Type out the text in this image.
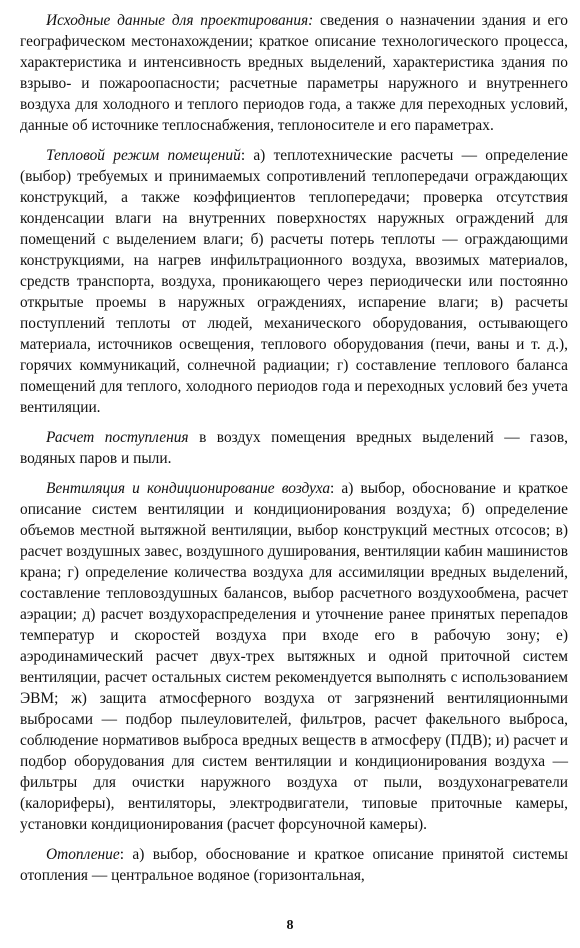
Исходные данные для проектирования: сведения о назначении здания и его географическом местонахождении; краткое описание технологического процесса, характеристика и интенсивность вредных выделений, характеристика здания по взрыво- и пожароопасности; расчетные параметры наружного и внутреннего воздуха для холодного и теплого периодов года, а также для переходных условий, данные об источнике теплоснабжения, теплоносителе и его параметрах.

Тепловой режим помещений: а) теплотехнические расчеты — определение (выбор) требуемых и принимаемых сопротивлений теплопередачи ограждающих конструкций, а также коэффициентов теплопередачи; проверка отсутствия конденсации влаги на внутренних поверхностях наружных ограждений для помещений с выделением влаги; б) расчеты потерь теплоты — ограждающими конструкциями, на нагрев инфильтрационного воздуха, ввозимых материалов, средств транспорта, воздуха, проникающего через периодически или постоянно открытые проемы в наружных ограждениях, испарение влаги; в) расчеты поступлений теплоты от людей, механического оборудования, остывающего материала, источников освещения, теплового оборудования (печи, ваны и т. д.), горячих коммуникаций, солнечной радиации; г) составление теплового баланса помещений для теплого, холодного периодов года и переходных условий без учета вентиляции.

Расчет поступления в воздух помещения вредных выделений — газов, водяных паров и пыли.

Вентиляция и кондиционирование воздуха: а) выбор, обоснование и краткое описание систем вентиляции и кондиционирования воздуха; б) определение объемов местной вытяжной вентиляции, выбор конструкций местных отсосов; в) расчет воздушных завес, воздушного душирования, вентиляции кабин машинистов крана; г) определение количества воздуха для ассимиляции вредных выделений, составление тепловоздушных балансов, выбор расчетного воздухообмена, расчет аэрации; д) расчет воздухораспределения и уточнение ранее принятых перепадов температур и скоростей воздуха при входе его в рабочую зону; е) аэродинамический расчет двух-трех вытяжных и одной приточной систем вентиляции, расчет остальных систем рекомендуется выполнять с использованием ЭВМ; ж) защита атмосферного воздуха от загрязнений вентиляционными выбросами — подбор пылеуловителей, фильтров, расчет факельного выброса, соблюдение нормативов выброса вредных веществ в атмосферу (ПДВ); и) расчет и подбор оборудования для систем вентиляции и кондиционирования воздуха — фильтры для очистки наружного воздуха от пыли, воздухонагреватели (калориферы), вентиляторы, электродвигатели, типовые приточные камеры, установки кондиционирования (расчет форсуночной камеры).

Отопление: а) выбор, обоснование и краткое описание принятой системы отопления — центральное водяное (горизонтальная,

8
